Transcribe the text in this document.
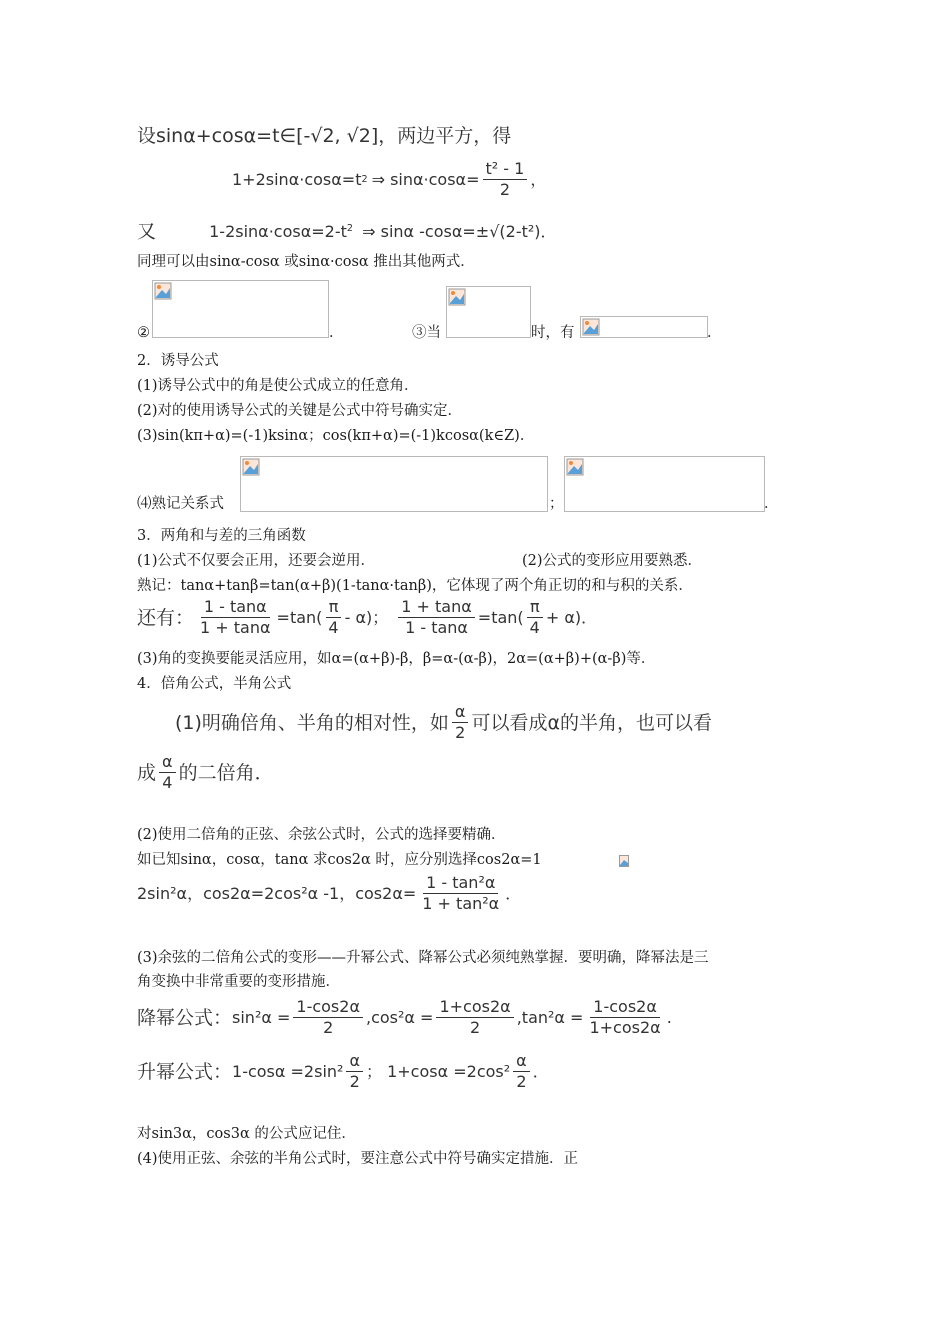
设sinα+cosα=t∈[-√2, √2]，两边平方，得
1+2sinα·cosα=t 2 ⇒ $\sin\alpha\cdot\cos\alpha= \frac{\text{t² - 1}}{2}$ ，
又	$1-2\sin\alpha\cdot\cos\alpha=2-t^2$ ⇒ sinα -cosα=±√(2-t²)．
同理可以由sinα-cosα 或sinα·cosα 推出其他两式．
②	．	③当	时，有	．
2．诱导公式
(1)诱导公式中的角是使公式成立的任意角．
(2)对的使用诱导公式的关键是公式中符号确实定．
(3)sin(kπ+α)=(-1)ksinα；cos(kπ+α)=(-1)kcosα(k∈Z)．
⑷熟记关系式	；	．
3．两角和与差的三角函数
(1)公式不仅要会正用，还要会逆用．	(2)公式的变形应用要熟悉．
熟记：tanα+tanβ=tan(α+β)(1-tanα·tanβ)，它体现了两个角正切的和与积的关系．
还有： $\frac{1 - \tan\alpha}{1 + \tan\alpha} =\tan( \frac{\pi}{4} - \alpha)$； $\frac{1 + \tan\alpha}{1 - \tan\alpha} =\tan( \frac{\pi}{4} + \alpha)$．
(3)角的变换要能灵活应用，如α=(α+β)-β，β=α-(α-β)，2α=(α+β)+(α-β)等．
4．倍角公式，半角公式
(1)明确倍角、半角的相对性，如 $\frac{\alpha}{2}$ 可以看成α的半角，也可以看
成 $\frac{\alpha}{4}$ 的二倍角．
(2)使用二倍角的正弦、余弦公式时，公式的选择要精确．
如已知sinα，cosα，tanα 求cos2α 时，应分别选择cos2α=1
2sin²α，cos2α=2cos²α -1，$\cos 2\alpha= \frac{\text{1 - tan²α}}{\text{1 + tan²α}}$ ．
(3)余弦的二倍角公式的变形——升幂公式、降幂公式必须纯熟掌握．要明确，降幂法是三
角变换中非常重要的变形措施．
降幂公式： $\sin^2\alpha = \frac{1-\cos 2\alpha}{2} ,\cos^2\alpha = \frac{1+\cos 2\alpha}{2} ,\tan^2\alpha = \frac{1-\cos 2\alpha}{1+\cos 2\alpha}$ .
升幂公式： $1-\cos\alpha =2\sin^2 \frac{\alpha}{2}$ ； $1+\cos\alpha =2\cos^2 \frac{\alpha}{2}$ ．
对sin3α，cos3α 的公式应记住．
(4)使用正弦、余弦的半角公式时，要注意公式中符号确实定措施．正
